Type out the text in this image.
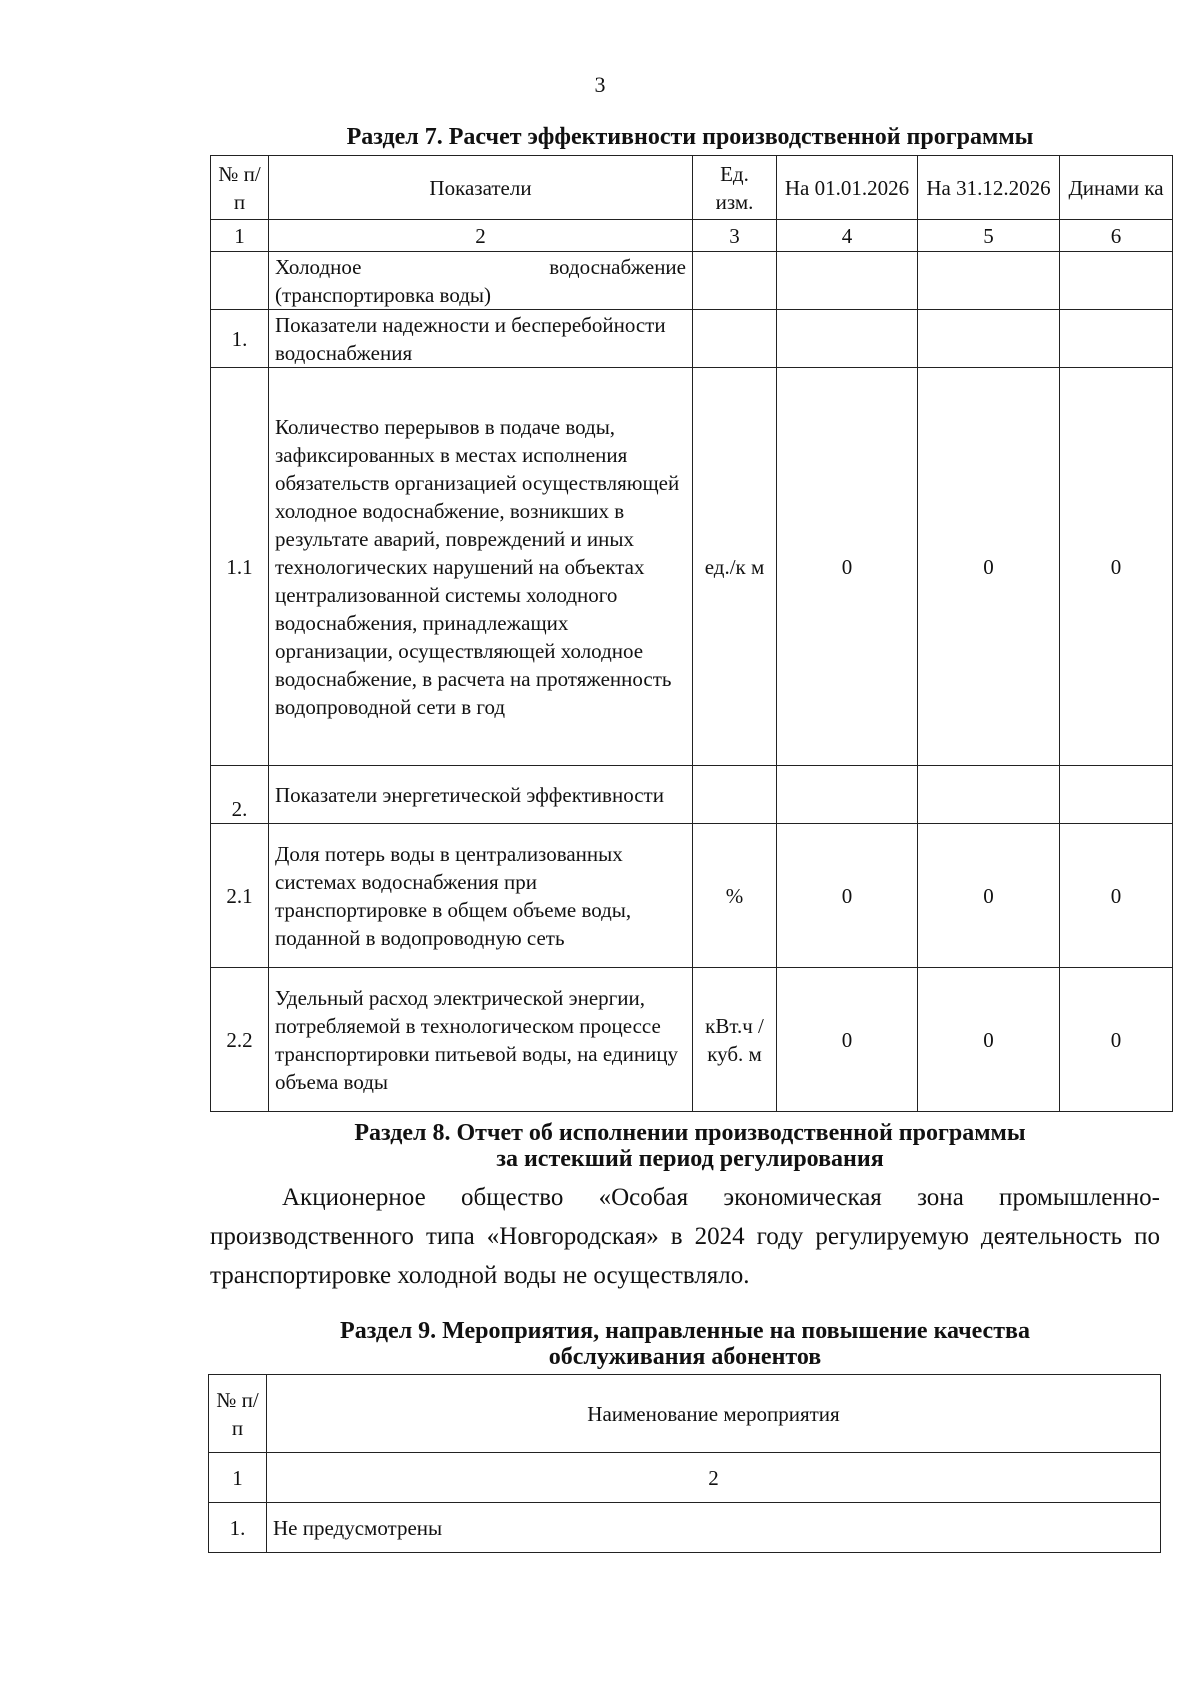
3
Раздел 7. Расчет эффективности производственной программы
№ п/п	Показатели	Ед. изм.	На 01.01.2026	На 31.12.2026	Динами ка
1	2	3	4	5	6

	Холодное водоснабжение
(транспортировка воды)				

1.	Показатели надежности и бесперебойности водоснабжения				
1.1	Количество перерывов в подаче воды, зафиксированных в местах исполнения обязательств организацией осуществляющей холодное водоснабжение, возникших в результате аварий, повреждений и иных технологических нарушений на объектах централизованной системы холодного водоснабжения, принадлежащих организации, осуществляющей холодное водоснабжение, в расчета на протяженность водопроводной сети в год	ед./к м	0	0	0
2.	Показатели энергетической эффективности				
2.1	Доля потерь воды в централизованных системах водоснабжения при транспортировке в общем объеме воды, поданной в водопроводную сеть	%	0	0	0
2.2	Удельный расход электрической энергии, потребляемой в технологическом процессе транспортировки питьевой воды, на единицу объема воды	кВт.ч /куб. м	0	0	0
Раздел 8. Отчет об исполнении производственной программы
за истекший период регулирования
Акционерное общество «Особая экономическая зона промышленно-производственного типа «Новгородская» в 2024 году регулируемую деятельность по транспортировке холодной воды не осуществляло.
Раздел 9. Мероприятия, направленные на повышение качества
обслуживания абонентов
№ п/п	Наименование мероприятия
1	2
1.	Не предусмотрены
